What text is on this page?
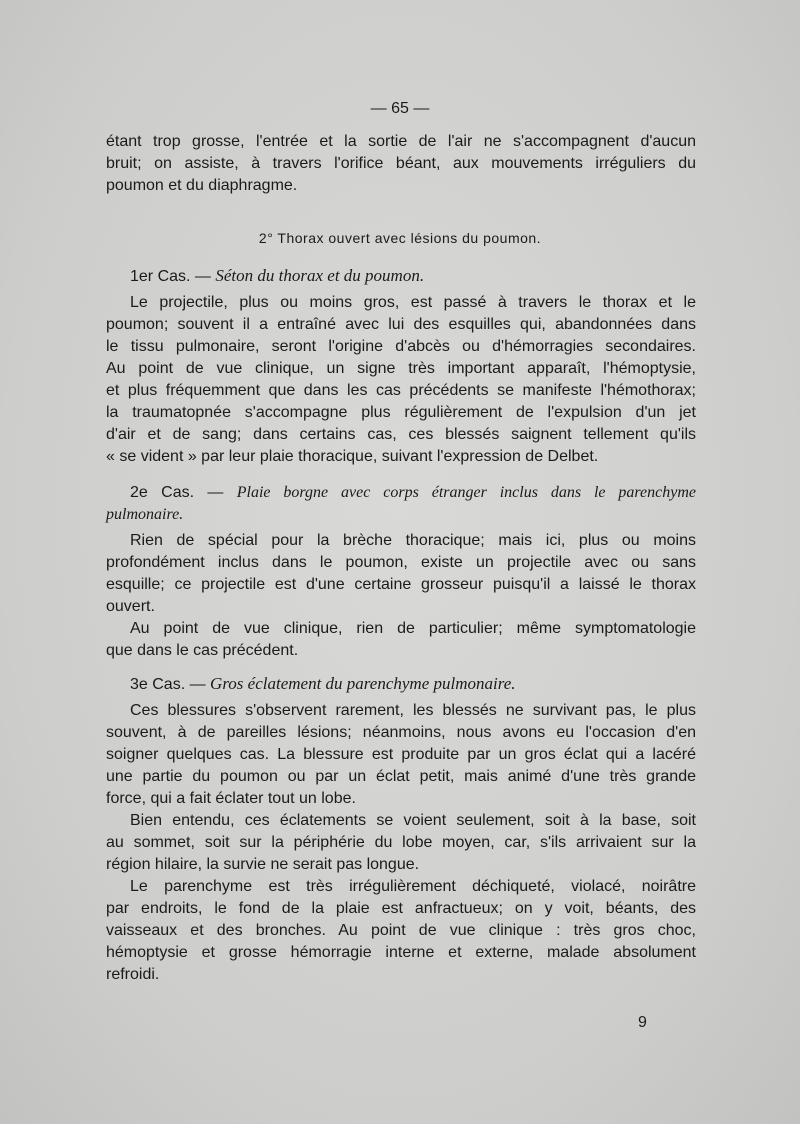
— 65 —
étant trop grosse, l'entrée et la sortie de l'air ne s'accompagnent d'aucun
bruit; on assiste, à travers l'orifice béant, aux mouvements irréguliers du
poumon et du diaphragme.
2° Thorax ouvert avec lésions du poumon.
1er Cas. — Séton du thorax et du poumon.
Le projectile, plus ou moins gros, est passé à travers le thorax et le
poumon; souvent il a entraîné avec lui des esquilles qui, abandonnées dans
le tissu pulmonaire, seront l'origine d'abcès ou d'hémorragies secondaires.
Au point de vue clinique, un signe très important apparaît, l'hémoptysie,
et plus fréquemment que dans les cas précédents se manifeste l'hémothorax;
la traumatopnée s'accompagne plus régulièrement de l'expulsion d'un jet
d'air et de sang; dans certains cas, ces blessés saignent tellement qu'ils
« se vident » par leur plaie thoracique, suivant l'expression de Delbet.
2e Cas. — Plaie borgne avec corps étranger inclus dans le parenchyme
pulmonaire.
Rien de spécial pour la brèche thoracique; mais ici, plus ou moins
profondément inclus dans le poumon, existe un projectile avec ou sans
esquille; ce projectile est d'une certaine grosseur puisqu'il a laissé le thorax
ouvert.
Au point de vue clinique, rien de particulier; même symptomatologie
que dans le cas précédent.
3e Cas. — Gros éclatement du parenchyme pulmonaire.
Ces blessures s'observent rarement, les blessés ne survivant pas, le plus
souvent, à de pareilles lésions; néanmoins, nous avons eu l'occasion d'en
soigner quelques cas. La blessure est produite par un gros éclat qui a lacéré
une partie du poumon ou par un éclat petit, mais animé d'une très grande
force, qui a fait éclater tout un lobe.
Bien entendu, ces éclatements se voient seulement, soit à la base, soit
au sommet, soit sur la périphérie du lobe moyen, car, s'ils arrivaient sur la
région hilaire, la survie ne serait pas longue.
Le parenchyme est très irrégulièrement déchiqueté, violacé, noirâtre
par endroits, le fond de la plaie est anfractueux; on y voit, béants, des
vaisseaux et des bronches. Au point de vue clinique : très gros choc,
hémoptysie et grosse hémorragie interne et externe, malade absolument
refroidi.
9
